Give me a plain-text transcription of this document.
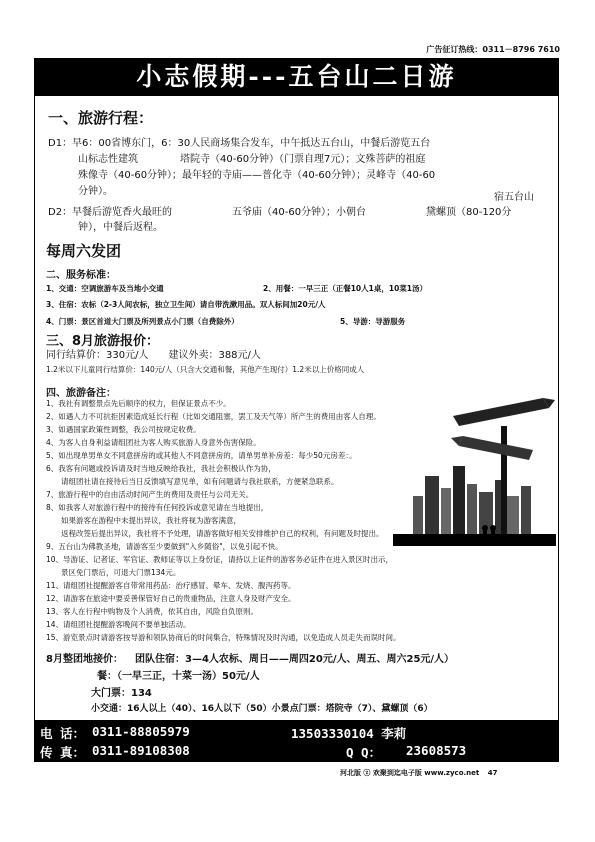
广告征订热线：0311－8796 7610
小志假期---五台山二日游
一、旅游行程：
D1：早6：00省博东门，6：30人民商场集合发车，中午抵达五台山，中餐后游览五台
山标志性建筑	塔院寺（40-60分钟）（门票自理7元）；文殊菩萨的祖庭
殊像寺（40-60分钟）；最年轻的寺庙——普化寺（40-60分钟）；灵峰寺（40-60
分钟）。
宿五台山
D2：早餐后游览香火最旺的	五爷庙（40-60分钟）；小朝台	黛螺顶（80-120分
钟），中餐后返程。
每周六发团
二、服务标准：
1、交通：空调旅游车及当地小交通	2、用餐：一早三正（正餐10人1桌，10菜1汤）
3、住宿：农标（2-3人间农标，独立卫生间）请自带洗漱用品。双人标间加20元/人
4、门票：景区首道大门票及所列景点小门票（自费除外）	5、导游：导游服务
三、8月旅游报价：
同行结算价：330元/人　　建议外卖：388元/人
1.2米以下儿童同行结算价：140元/人（只含大交通和餐，其他产生现付）1.2米以上价格同成人
四、旅游备注：
1、我社有调整景点先后顺序的权力，但保证景点不少。
2、如遇人力不可抗拒因素造成延长行程（比如交通阻塞，罢工及天气等）所产生的费用由客人自理。
3、如遇国家政策性调整，我公司按规定收费。
4、为客人自身利益请组团社为客人购买旅游人身意外伤害保险。
5、如出现单男单女不同意拼房的或其他人不同意拼房的，请单男单补房差：每少50元房差：。
6、我客有问题或投诉请及时当地反映给我社，我社会积极认作为协，
　　请组团社请在接待后当日反馈填写意见单，如有问题请与我社联系，方便紧急联系。
7、旅游行程中的自由活动时间产生的费用及责任与公司无关。
8、如我客人对旅游行程中的接待有任何投诉或意见请在当地提出，
　　如果游客在游程中未提出异议，我社将视为游客满意，
　　返程改签后提出异议，我社将不予处理，请游客做好相关安排维护自己的权利，有问题及时提出。
9、五台山为佛教圣地，请游客至少要做到"入乡随俗"，以免引起不快。
10、导游证、记者证、军官证、教师证等以上身份证，请持以上证件的游客务必证件在进入景区时出示，
　　景区免门票后，可退大门票134元。
11、请组团社提醒游客自带常用药品：治疗感冒、晕车、发烧、腹泻药等。
12、请游客在旅途中要妥善保管好自己的贵重物品，注意人身及财产安全。
13、客人在行程中购物及个人消费，依其自由，风险自负原则。
14、请组团社提醒游客晚间不要单独活动。
15、游览景点时请游客按导游和领队协商后的时间集合，特殊情况及时沟通，以免造成人员走失而误时间。
8月整团地接价： 团队住宿：3—4人农标、周日——周四20元/人、周五、周六25元/人）
餐：（一早三正，十菜一汤）50元/人
大门票：134
小交通：16人以上（40）、16人以下（50）小景点门票：塔院寺（7）、黛螺顶（6）
电 话： 0311-88805979	13503330104 李莉
传 真： 0311-89108308	Q Q： 23608573
河北版 ⓩ 欢聚到迄电子版 www.zyco.net 47
